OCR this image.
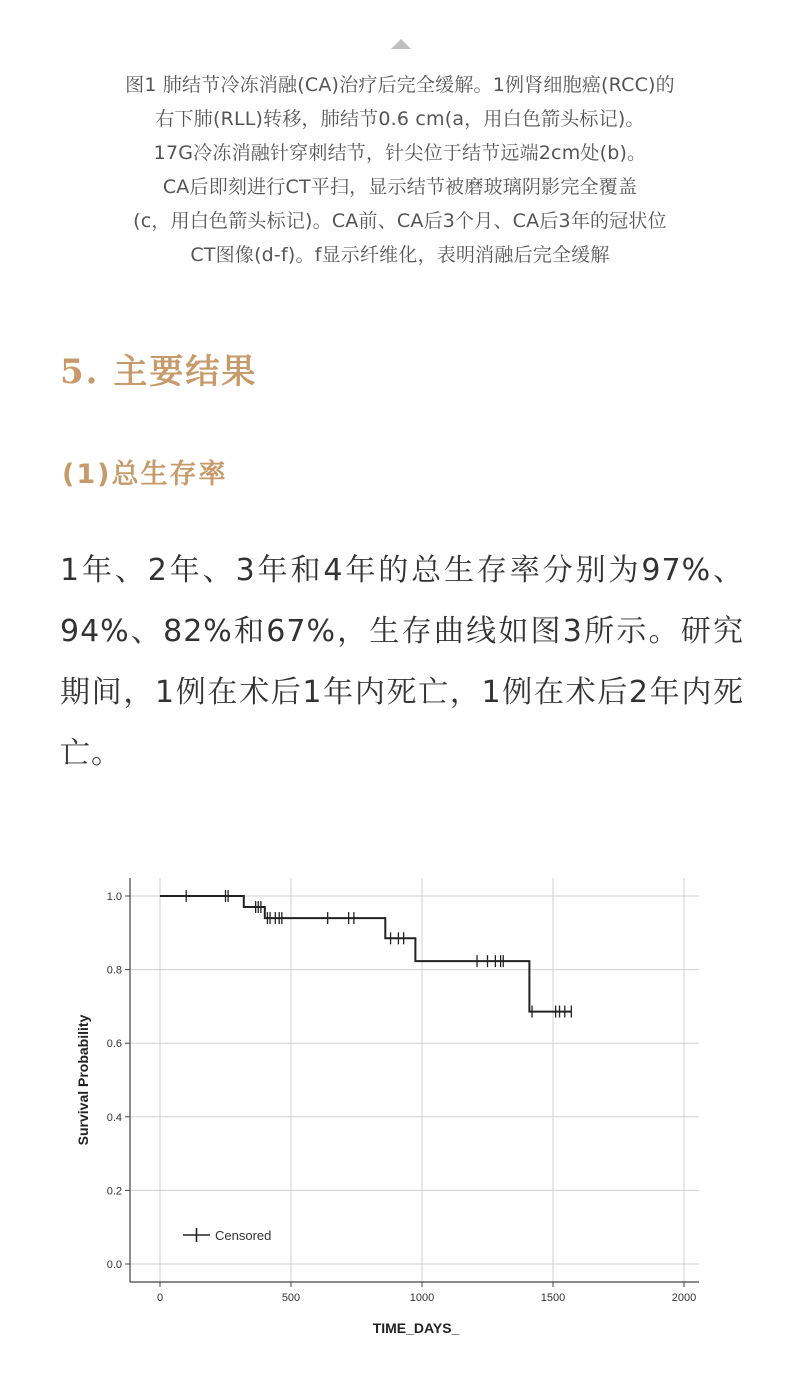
图1 肺结节冷冻消融(CA)治疗后完全缓解。1例肾细胞癌(RCC)的
右下肺(RLL)转移，肺结节0.6 cm(a，用白色箭头标记)。
17G冷冻消融针穿刺结节，针尖位于结节远端2cm处(b)。
CA后即刻进行CT平扫，显示结节被磨玻璃阴影完全覆盖
(c，用白色箭头标记)。CA前、CA后3个月、CA后3年的冠状位
CT图像(d-f)。f显示纤维化，表明消融后完全缓解
5. 主要结果
(1)总生存率
1年、2年、3年和4年的总生存率分别为97%、94%、82%和67%，生存曲线如图3所示。研究期间，1例在术后1年内死亡，1例在术后2年内死亡。
0	500	1000	1500	2000
0.0
0.2
0.4
0.6
0.8
1.0
Censored
TIME_DAYS_
Survival Probability
